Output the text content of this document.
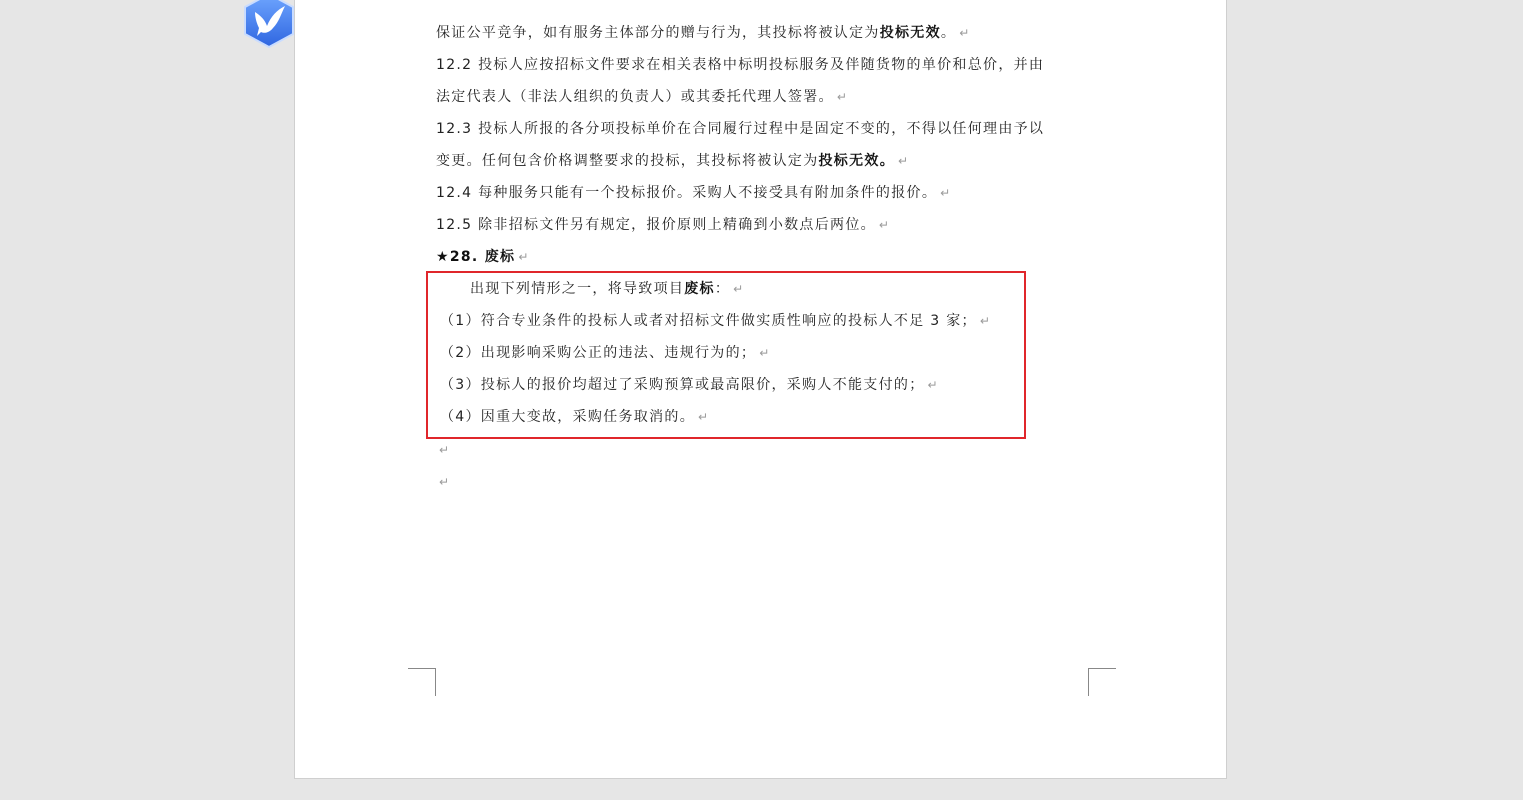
保证公平竞争，如有服务主体部分的赠与行为，其投标将被认定为投标无效。 ↵
12.2 投标人应按招标文件要求在相关表格中标明投标服务及伴随货物的单价和总价，并由
法定代表人（非法人组织的负责人）或其委托代理人签署。 ↵
12.3 投标人所报的各分项投标单价在合同履行过程中是固定不变的，不得以任何理由予以
变更。任何包含价格调整要求的投标，其投标将被认定为投标无效。 ↵
12.4 每种服务只能有一个投标报价。采购人不接受具有附加条件的报价。 ↵
12.5 除非招标文件另有规定，报价原则上精确到小数点后两位。 ↵
★28. 废标 ↵
出现下列情形之一，将导致项目废标： ↵
（1）符合专业条件的投标人或者对招标文件做实质性响应的投标人不足 3 家； ↵
（2）出现影响采购公正的违法、违规行为的； ↵
（3）投标人的报价均超过了采购预算或最高限价，采购人不能支付的； ↵
（4）因重大变故，采购任务取消的。 ↵
↵
↵
